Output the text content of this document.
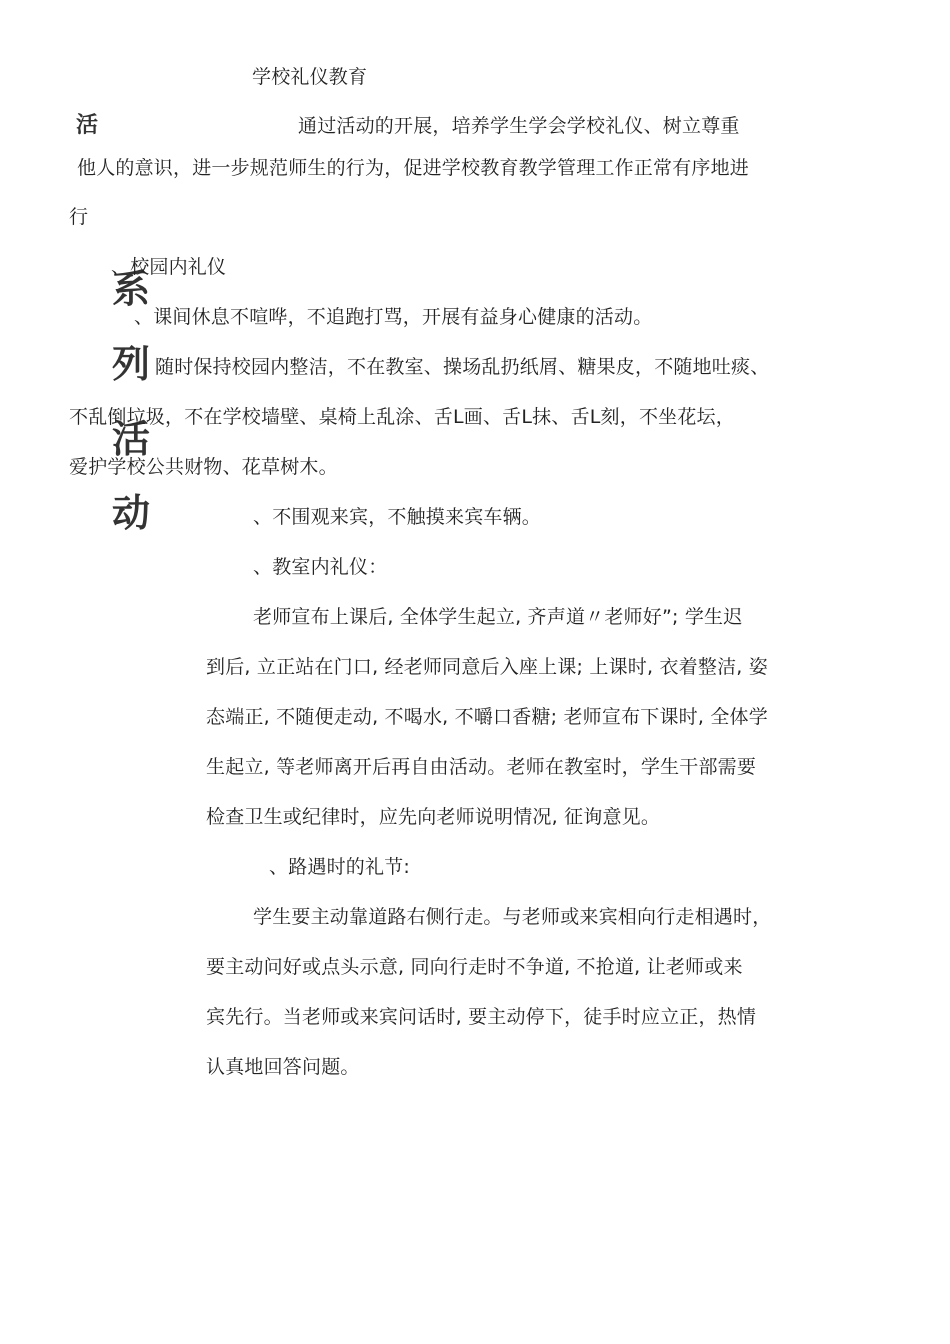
学校礼仪教育
活
系
列
活
动
通过活动的开展，培养学生学会学校礼仪、树立尊重
他人的意识，进一步规范师生的行为，促进学校教育教学管理工作正常有序地进
行
、校园内礼仪
、课间休息不喧哗，不追跑打骂，开展有益身心健康的活动。
随时保持校园内整洁，不在教室、操场乱扔纸屑、糖果皮，不随地吐痰、
不乱倒垃圾，不在学校墙壁、桌椅上乱涂、舌L画、舌L抹、舌L刻，不坐花坛，
爱护学校公共财物、花草树木。
、不围观来宾，不触摸来宾车辆。
、教室内礼仪：
老师宣布上课后, 全体学生起立, 齐声道〃老师好”; 学生迟
到后, 立正站在门口, 经老师同意后入座上课; 上课时, 衣着整洁, 姿
态端正, 不随便走动, 不喝水, 不嚼口香糖; 老师宣布下课时, 全体学
生起立, 等老师离开后再自由活动。老师在教室时，学生干部需要
检查卫生或纪律时，应先向老师说明情况, 征询意见。
、路遇时的礼节:
学生要主动靠道路右侧行走。与老师或来宾相向行走相遇时，
要主动问好或点头示意, 同向行走时不争道, 不抢道, 让老师或来
宾先行。当老师或来宾问话时, 要主动停下，徒手时应立正，热情
认真地回答问题。
